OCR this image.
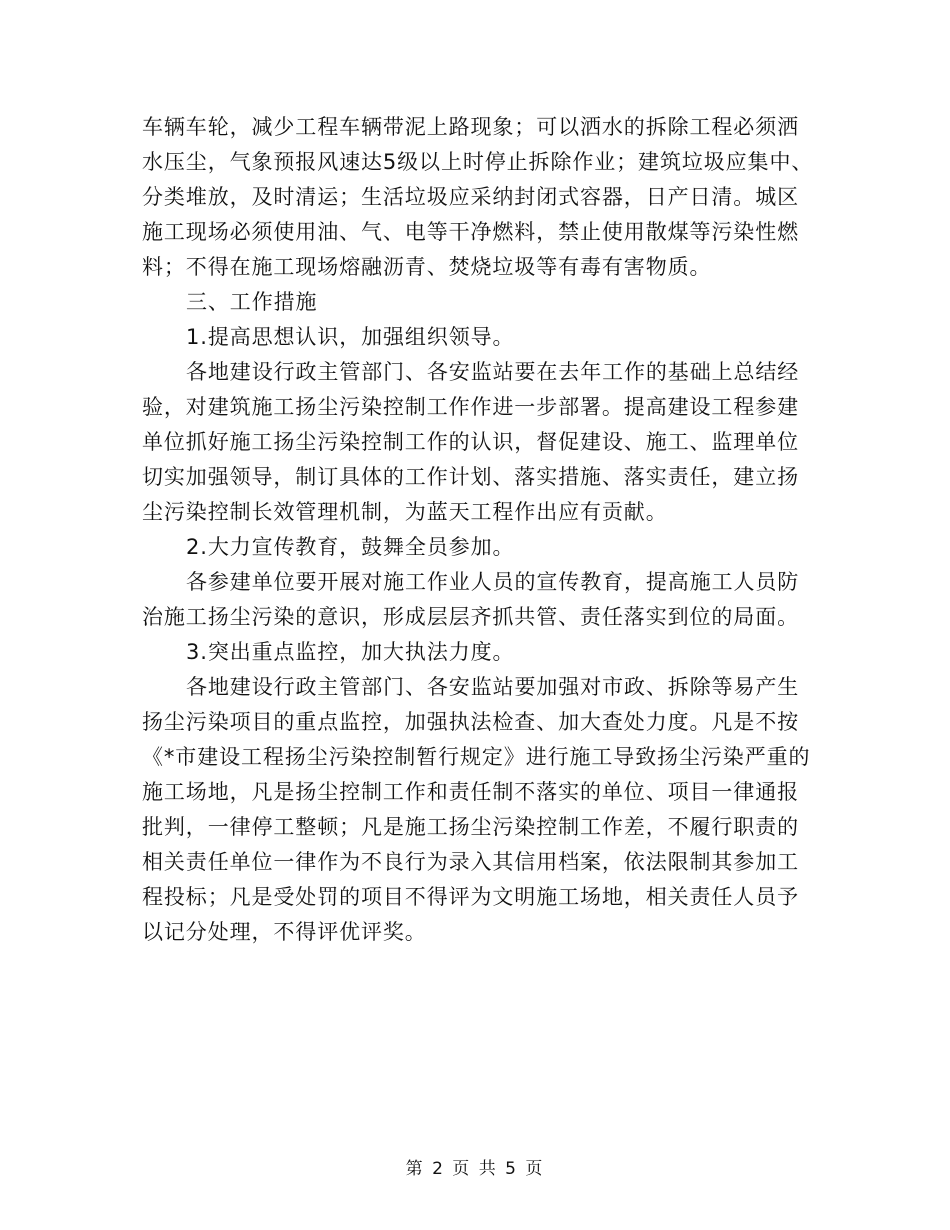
车辆车轮，减少工程车辆带泥上路现象；可以洒水的拆除工程必须洒
水压尘，气象预报风速达5级以上时停止拆除作业；建筑垃圾应集中、
分类堆放，及时清运；生活垃圾应采纳封闭式容器，日产日清。城区
施工现场必须使用油、气、电等干净燃料，禁止使用散煤等污染性燃
料；不得在施工现场熔融沥青、焚烧垃圾等有毒有害物质。
三、工作措施
1.提高思想认识，加强组织领导。
各地建设行政主管部门、各安监站要在去年工作的基础上总结经
验，对建筑施工扬尘污染控制工作作进一步部署。提高建设工程参建
单位抓好施工扬尘污染控制工作的认识，督促建设、施工、监理单位
切实加强领导，制订具体的工作计划、落实措施、落实责任，建立扬
尘污染控制长效管理机制，为蓝天工程作出应有贡献。
2.大力宣传教育，鼓舞全员参加。
各参建单位要开展对施工作业人员的宣传教育，提高施工人员防
治施工扬尘污染的意识，形成层层齐抓共管、责任落实到位的局面。
3.突出重点监控，加大执法力度。
各地建设行政主管部门、各安监站要加强对市政、拆除等易产生
扬尘污染项目的重点监控，加强执法检查、加大查处力度。凡是不按
《*市建设工程扬尘污染控制暂行规定》进行施工导致扬尘污染严重的
施工场地，凡是扬尘控制工作和责任制不落实的单位、项目一律通报
批判，一律停工整顿；凡是施工扬尘污染控制工作差，不履行职责的
相关责任单位一律作为不良行为录入其信用档案，依法限制其参加工
程投标；凡是受处罚的项目不得评为文明施工场地，相关责任人员予
以记分处理，不得评优评奖。
第 2 页 共 5 页
